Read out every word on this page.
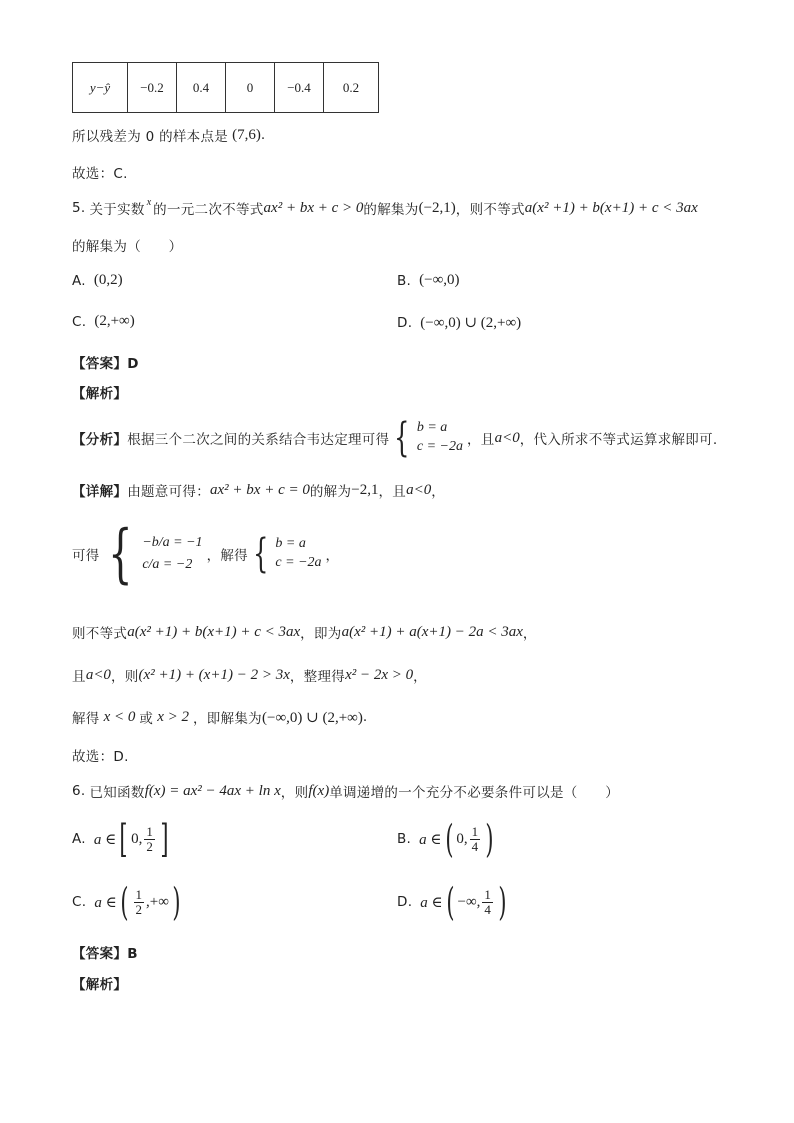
y−ŷ	−0.2	0.4	0	−0.4	0.2
所以残差为 0 的样本点是 (7,6) .
故选：C.
5. 关于实数 x 的一元二次不等式 ax² + bx + c > 0 的解集为 (−2,1) ，则不等式 a(x² +1) + b(x+1) + c < 3ax
的解集为（　　）
A. (0,2)	B. (−∞,0)
C. (2,+∞)	D. (−∞,0) ∪ (2,+∞)
【答案】D
【解析】
【分析】 根据三个二次之间的关系结合韦达定理可得 { b = a
c = −2a ，且 a<0 ，代入所求不等式运算求解即可.
【详解】 由题意可得： ax² + bx + c = 0 的解为 −2,1 ，且 a<0 ，
可得 { −b/a = −1
c/a = −2
，解得 { b = a
c = −2a ，
则不等式 a(x² +1) + b(x+1) + c < 3ax ，即为 a(x² +1) + a(x+1) − 2a < 3ax ，
且 a<0 ，则 (x² +1) + (x+1) − 2 > 3x ，整理得 x² − 2x > 0 ，
解得 x < 0 或 x > 2 ，即解集为 (−∞,0) ∪ (2,+∞) .
故选：D.
6. 已知函数 f(x) = ax² − 4ax + ln x ，则 f(x) 单调递增的一个充分不必要条件可以是（　　）
A. a ∈ [ 0, $\frac{1}{2}$ ]	B. a ∈ ( 0, $\frac{1}{4}$ )
C. a ∈ ( $\frac{1}{2}$ ,+∞ )	D. a ∈ ( −∞, $\frac{1}{4}$ )
【答案】B
【解析】
